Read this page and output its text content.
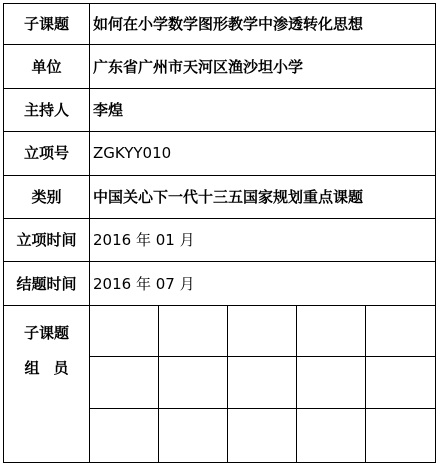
子课题	如何在小学数学图形教学中渗透转化思想				
单位	广东省广州市天河区渔沙坦小学				
主持人	李煌				
立项号	ZGKYY010				
类别	中国关心下一代十三五国家规划重点课题				
立项时间	2016 年 01 月				
结题时间	2016 年 07 月				

子课题
组员					
